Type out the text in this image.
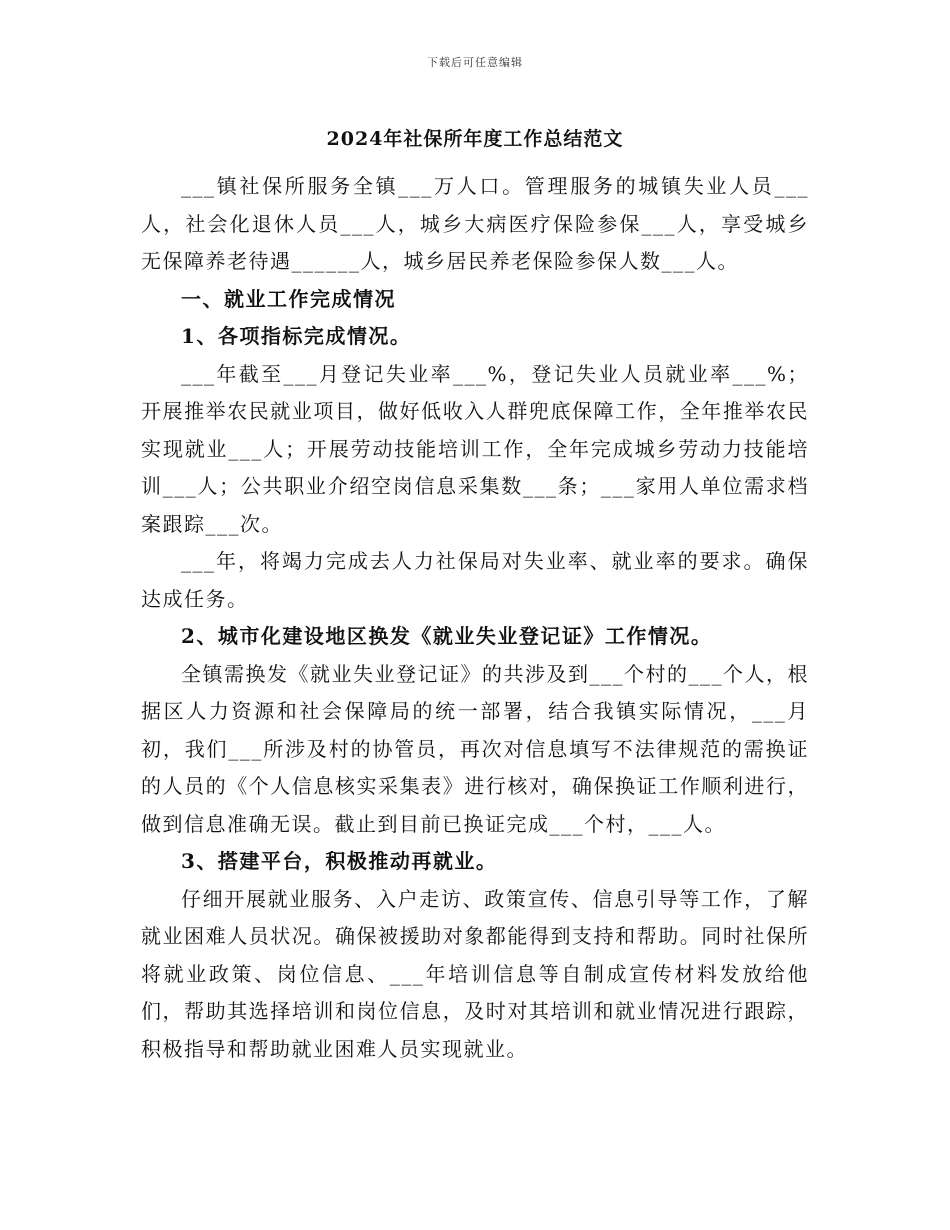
下载后可任意编辑
2024年社保所年度工作总结范文

___镇社保所服务全镇___万人口。管理服务的城镇失业人员___人，社会化退休人员___人，城乡大病医疗保险参保___人，享受城乡无保障养老待遇______人，城乡居民养老保险参保人数___人。

一、就业工作完成情况

1、各项指标完成情况。

___年截至___月登记失业率___%，登记失业人员就业率___%；开展推举农民就业项目，做好低收入人群兜底保障工作，全年推举农民实现就业___人；开展劳动技能培训工作，全年完成城乡劳动力技能培训___人；公共职业介绍空岗信息采集数___条；___家用人单位需求档案跟踪___次。

___年，将竭力完成去人力社保局对失业率、就业率的要求。确保达成任务。

2、城市化建设地区换发《就业失业登记证》工作情况。

全镇需换发《就业失业登记证》的共涉及到___个村的___个人，根据区人力资源和社会保障局的统一部署，结合我镇实际情况，___月初，我们___所涉及村的协管员，再次对信息填写不法律规范的需换证的人员的《个人信息核实采集表》进行核对，确保换证工作顺利进行，做到信息准确无误。截止到目前已换证完成___个村，___人。

3、搭建平台，积极推动再就业。

仔细开展就业服务、入户走访、政策宣传、信息引导等工作，了解就业困难人员状况。确保被援助对象都能得到支持和帮助。同时社保所将就业政策、岗位信息、___年培训信息等自制成宣传材料发放给他们，帮助其选择培训和岗位信息，及时对其培训和就业情况进行跟踪，积极指导和帮助就业困难人员实现就业。
